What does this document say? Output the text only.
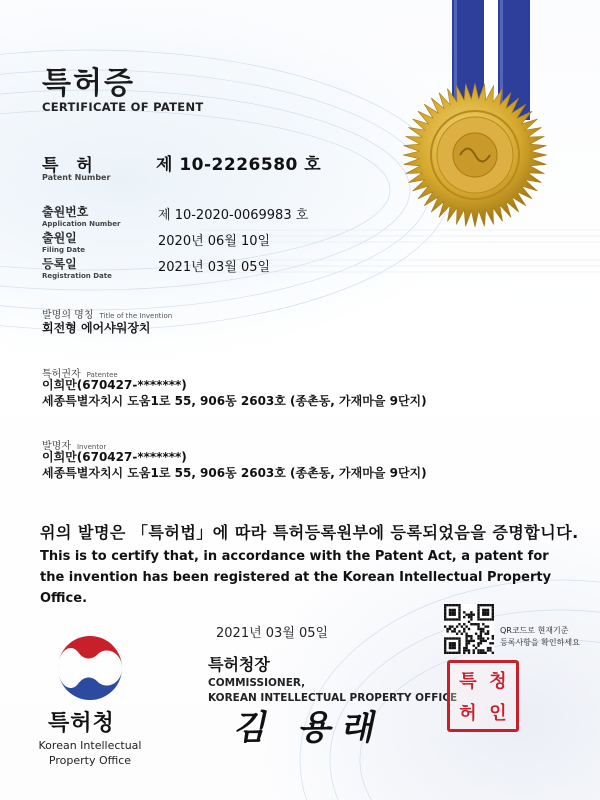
특허증
CERTIFICATE OF PATENT
특 허
Patent Number
제 10-2226580 호
출원번호
Application Number
제 10-2020-0069983 호
출원일
Filing Date
2020년 06월 10일
등록일
Registration Date
2021년 03월 05일
발명의 명칭 Title of the Invention
회전형 에어샤워장치
특허권자 Patentee
이희만(670427-*******)
세종특별자치시 도움1로 55, 906동 2603호 (종촌동, 가재마을 9단지)
발명자 Inventor
이희만(670427-*******)
세종특별자치시 도움1로 55, 906동 2603호 (종촌동, 가재마을 9단지)
위의 발명은 「특허법」에 따라 특허등록원부에 등록되었음을 증명합니다.
This is to certify that, in accordance with the Patent Act, a patent for the invention has been registered at the Korean Intellectual Property Office.
2021년 03월 05일
특허청장
COMMISSIONER,
KOREAN INTELLECTUAL PROPERTY OFFICE
김 용래
QR코드로 현재기준
등록사항을 확인하세요
특 청
허 인
특허청
Korean Intellectual
Property Office
